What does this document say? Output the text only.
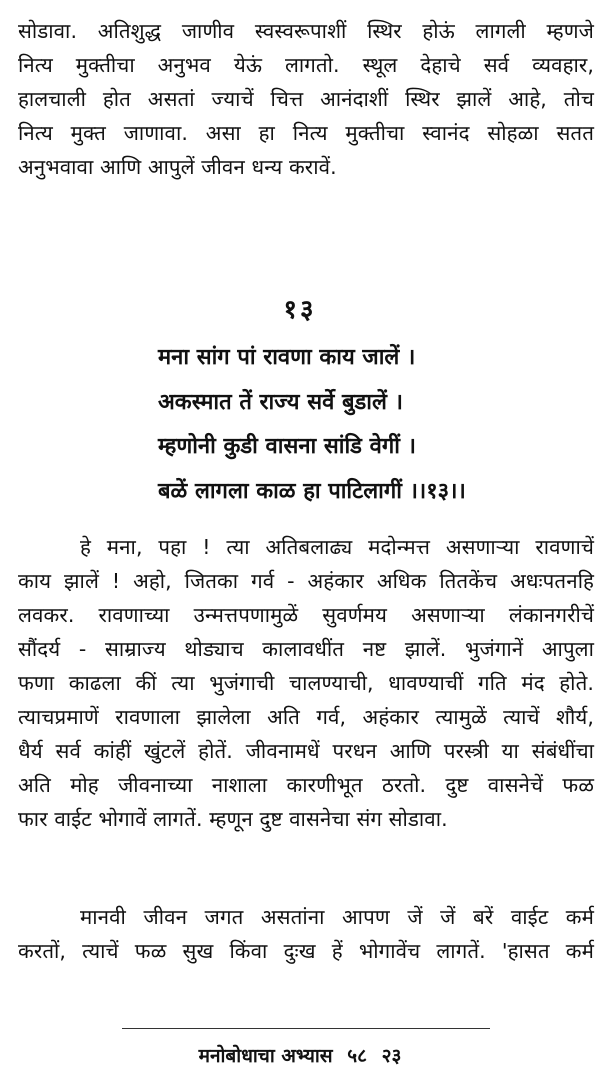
सोडावा. अतिशुद्ध जाणीव स्वस्वरूपाशीं स्थिर होऊं लागली म्हणजे
नित्य मुक्तीचा अनुभव येऊं लागतो. स्थूल देहाचे सर्व व्यवहार,
हालचाली होत असतां ज्याचें चित्त आनंदाशीं स्थिर झालें आहे, तोच
नित्य मुक्त जाणावा. असा हा नित्य मुक्तीचा स्वानंद सोहळा सतत
अनुभवावा आणि आपुलें जीवन धन्य करावें.
१३
मना सांग पां रावणा काय जालें ।
अकस्मात तें राज्य सर्वे बुडालें ।
म्हणोनी कुडी वासना सांडि वेगीं ।
बळें लागला काळ हा पाटिलागीं ।।१३।।
हे मना, पहा ! त्या अतिबलाढ्य मदोन्मत्त असणाऱ्या रावणाचें
काय झालें ! अहो, जितका गर्व - अहंकार अधिक तितकेंच अधःपतनहि
लवकर. रावणाच्या उन्मत्तपणामुळें सुवर्णमय असणाऱ्या लंकानगरीचें
सौंदर्य - साम्राज्य थोड्याच कालावधींत नष्ट झालें. भुजंगानें आपुला
फणा काढला कीं त्या भुजंगाची चालण्याची, धावण्याचीं गति मंद होते.
त्याचप्रमाणें रावणाला झालेला अति गर्व, अहंकार त्यामुळें त्याचें शौर्य,
धैर्य सर्व कांहीं खुंटलें होतें. जीवनामधें परधन आणि परस्त्री या संबंधींचा
अति मोह जीवनाच्या नाशाला कारणीभूत ठरतो. दुष्ट वासनेचें फळ
फार वाईट भोगावें लागतें. म्हणून दुष्ट वासनेचा संग सोडावा.
मानवी जीवन जगत असतांना आपण जें जें बरें वाईट कर्म
करतों, त्याचें फळ सुख किंवा दुःख हें भोगावेंच लागतें. 'हासत कर्म
मनोबोधाचा अभ्यास ५८ २३
